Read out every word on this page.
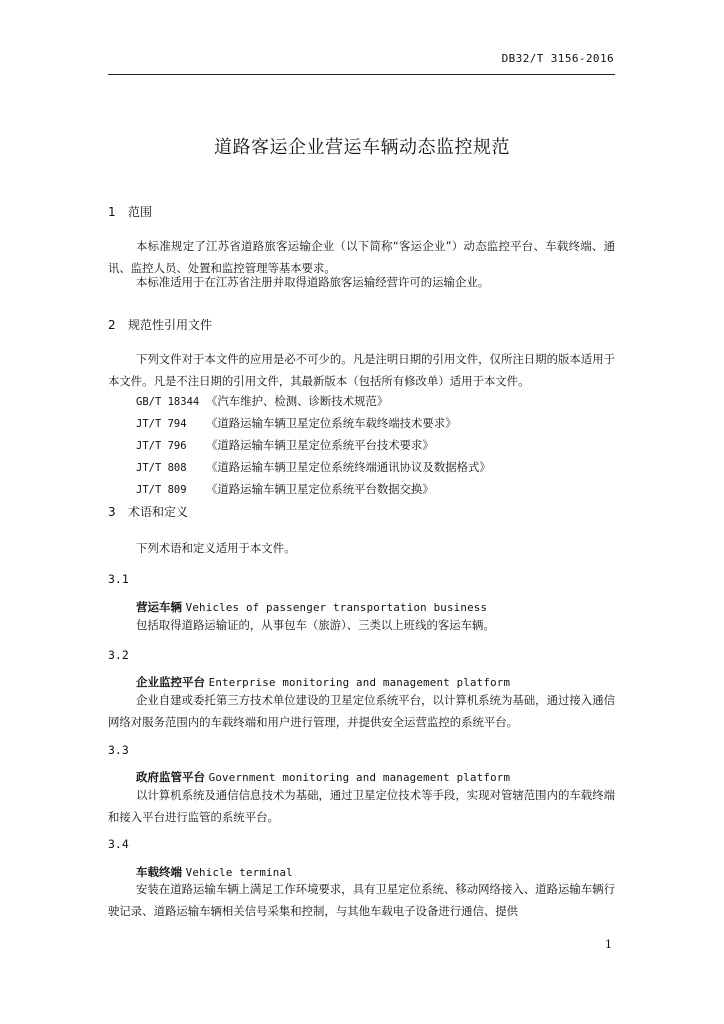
DB32/T 3156-2016
道路客运企业营运车辆动态监控规范
1 范围
本标准规定了江苏省道路旅客运输企业（以下简称“客运企业”）动态监控平台、车载终端、通讯、监控人员、处置和监控管理等基本要求。
本标准适用于在江苏省注册并取得道路旅客运输经营许可的运输企业。
2 规范性引用文件
下列文件对于本文件的应用是必不可少的。凡是注明日期的引用文件，仅所注日期的版本适用于本文件。凡是不注日期的引用文件，其最新版本（包括所有修改单）适用于本文件。
GB/T 18344 《汽车维护、检测、诊断技术规范》
JT/T 794 《道路运输车辆卫星定位系统车载终端技术要求》
JT/T 796 《道路运输车辆卫星定位系统平台技术要求》
JT/T 808 《道路运输车辆卫星定位系统终端通讯协议及数据格式》
JT/T 809 《道路运输车辆卫星定位系统平台数据交换》
3 术语和定义
下列术语和定义适用于本文件。
3.1
营运车辆 Vehicles of passenger transportation business
包括取得道路运输证的，从事包车（旅游）、三类以上班线的客运车辆。
3.2
企业监控平台 Enterprise monitoring and management platform
企业自建或委托第三方技术单位建设的卫星定位系统平台，以计算机系统为基础，通过接入通信网络对服务范围内的车载终端和用户进行管理，并提供安全运营监控的系统平台。
3.3
政府监管平台 Government monitoring and management platform
以计算机系统及通信信息技术为基础，通过卫星定位技术等手段，实现对管辖范围内的车载终端和接入平台进行监管的系统平台。
3.4
车载终端 Vehicle terminal
安装在道路运输车辆上满足工作环境要求，具有卫星定位系统、移动网络接入、道路运输车辆行驶记录、道路运输车辆相关信号采集和控制，与其他车载电子设备进行通信、提供
1
